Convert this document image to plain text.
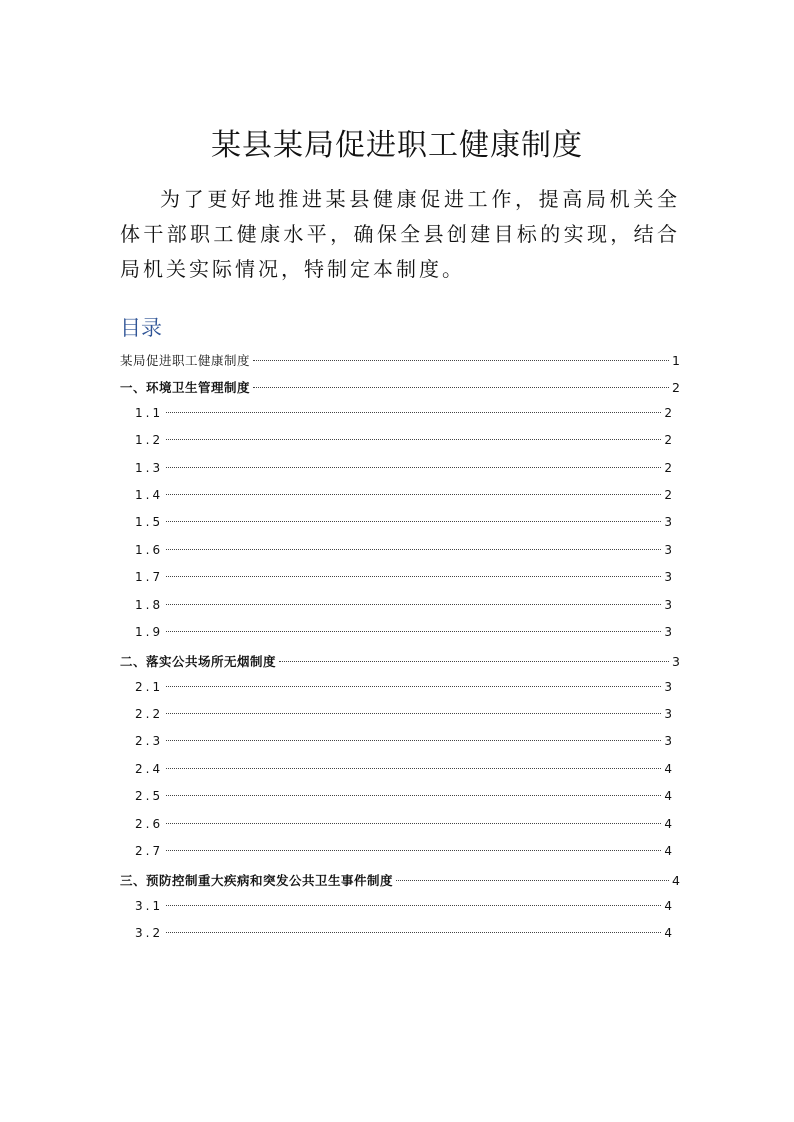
某县某局促进职工健康制度

为了更好地推进某县健康促进工作，提高局机关全体干部职工健康水平，确保全县创建目标的实现，结合局机关实际情况，特制定本制度。

目录
某局促进职工健康制度	1
一、环境卫生管理制度	2
1.1	2
1.2	2
1.3	2
1.4	2
1.5	3
1.6	3
1.7	3
1.8	3
1.9	3
二、落实公共场所无烟制度	3
2.1	3
2.2	3
2.3	3
2.4	4
2.5	4
2.6	4
2.7	4
三、预防控制重大疾病和突发公共卫生事件制度	4
3.1	4
3.2	4
